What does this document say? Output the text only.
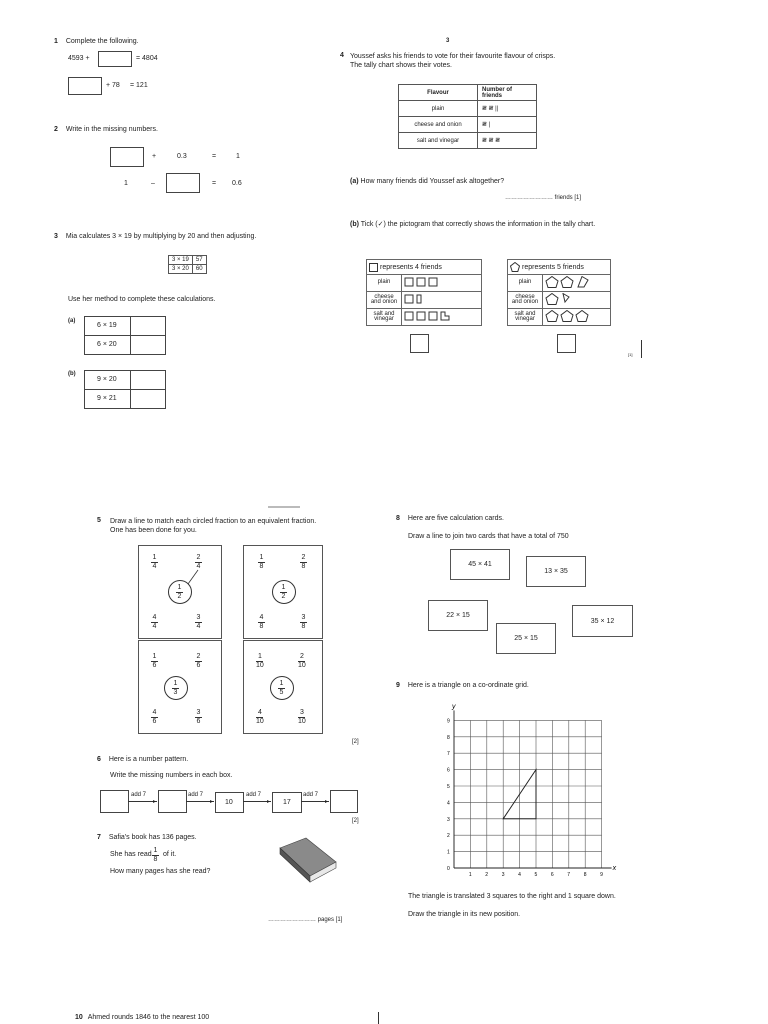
1 Complete the following.
4593 +	= 4804
+ 78 = 121
2 Write in the missing numbers.
+	0.3	=	1
1	–	= 0.6
3 Mia calculates 3 × 19 by multiplying by 20 and then adjusting.
3 × 19	57
3 × 20	60
Use her method to complete these calculations.
(a)
6 × 19
6 × 20
(b)
9 × 20
9 × 21
3
4 Youssef asks his friends to vote for their favourite flavour of crisps.
The tally chart shows their votes.
Flavour	Number of friends
plain	𝍸 𝍸 ||
cheese and onion	𝍸 |
salt and vinegar	𝍸 𝍸 𝍸
(a) How many friends did Youssef ask altogether?
…………………… friends [1]
(b) Tick (✓) the pictogram that correctly shows the information in the tally chart.
represents 4 friends	
plain	
cheese and onion	
salt and vinegar	
represents 5 friends	
plain	
cheese and onion	
salt and vinegar	
[1]
5 Draw a line to match each circled fraction to an equivalent fraction.
One has been done for you.
1
4
2
4
1
2
4
4
3
4
1
8
2
8
1
2
4
8
3
8
1
6
2
6
1
3
4
6
3
6
1
10
2
10
1
5
4
10
3
10
[2]
6 Here is a number pattern.
Write the missing numbers in each box.
add 7
▸
add 7
▸ 10
add 7
▸ 17
add 7
▸
[2]
7 Safia's book has 136 pages.
She has read
1
8
of it.
How many pages has she read?
…………………… pages [1]
8 Here are five calculation cards.
Draw a line to join two cards that have a total of 750
45 × 41
13 × 35
22 × 15
35 × 12
25 × 15
9 Here is a triangle on a co-ordinate grid.
y
x
0
1
2
3
4
5
6
7
8
9
1	2	3	4	5	6	7	8	9
The triangle is translated 3 squares to the right and 1 square down.
Draw the triangle in its new position.
10 Ahmed rounds 1846 to the nearest 100
